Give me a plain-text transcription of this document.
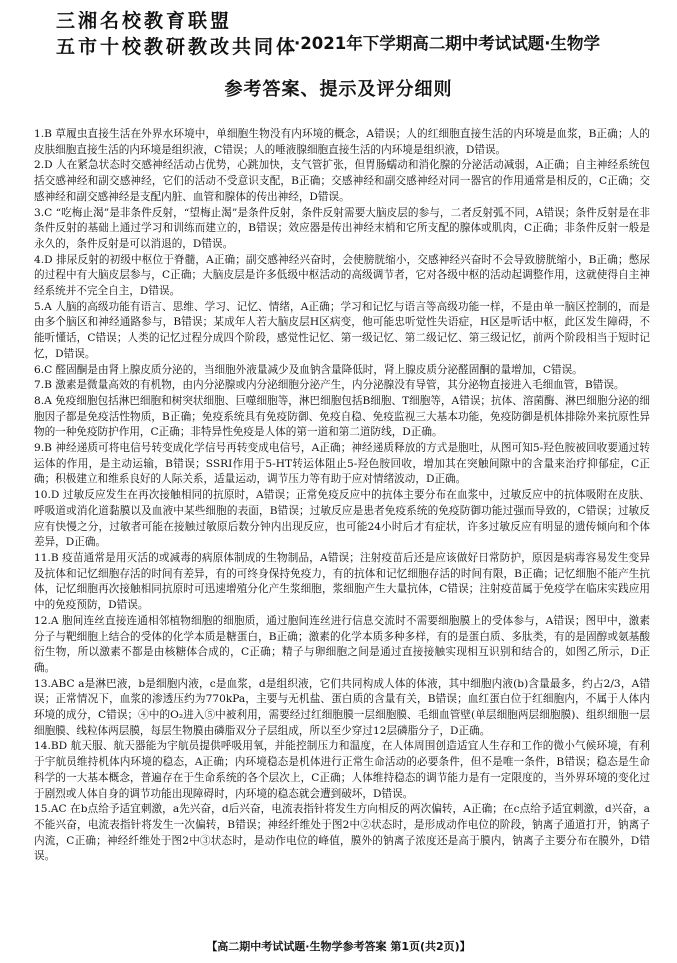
三湘名校教育联盟
五市十校教研教改共同体
·2021年下学期高二期中考试试题·生物学
参考答案、提示及评分细则

1.B 草履虫直接生活在外界水环境中，单细胞生物没有内环境的概念，A错误；人的红细胞直接生活的内环境是血浆，B正确；人的皮肤细胞直接生活的内环境是组织液，C错误；人的唾液腺细胞直接生活的内环境是组织液，D错误。

2.D 人在紧急状态时交感神经活动占优势，心跳加快，支气管扩张，但胃肠蠕动和消化腺的分泌活动减弱，A正确；自主神经系统包括交感神经和副交感神经，它们的活动不受意识支配，B正确；交感神经和副交感神经对同一器官的作用通常是相反的，C正确；交感神经和副交感神经是支配内脏、血管和腺体的传出神经，D错误。

3.C “吃梅止渴”是非条件反射，“望梅止渴”是条件反射，条件反射需要大脑皮层的参与，二者反射弧不同，A错误；条件反射是在非条件反射的基础上通过学习和训练而建立的，B错误；效应器是传出神经末梢和它所支配的腺体或肌肉，C正确；非条件反射一般是永久的，条件反射是可以消退的，D错误。

4.D 排尿反射的初级中枢位于脊髓，A正确；副交感神经兴奋时，会使膀胱缩小，交感神经兴奋时不会导致膀胱缩小，B正确；憋尿的过程中有大脑皮层参与，C正确；大脑皮层是许多低级中枢活动的高级调节者，它对各级中枢的活动起调整作用，这就使得自主神经系统并不完全自主，D错误。

5.A 人脑的高级功能有语言、思维、学习、记忆、情绪，A正确；学习和记忆与语言等高级功能一样，不是由单一脑区控制的，而是由多个脑区和神经通路参与，B错误；某成年人若大脑皮层H区病变，他可能忠听觉性失语症，H区是听话中枢，此区发生障碍，不能听懂话，C错误；人类的记忆过程分成四个阶段，感觉性记忆、第一级记忆、第二级记忆、第三级记忆，前两个阶段相当于短时记忆，D错误。

6.C 醛固酮是由肾上腺皮质分泌的，当细胞外液量减少及血钠含量降低时，肾上腺皮质分泌醛固酮的量增加，C错误。

7.B 激素是微量高效的有机物，由内分泌腺或内分泌细胞分泌产生，内分泌腺没有导管，其分泌物直接进入毛细血管，B错误。

8.A 免疫细胞包括淋巴细胞和树突状细胞、巨噬细胞等，淋巴细胞包括B细胞、T细胞等，A错误；抗体、溶菌酶、淋巴细胞分泌的细胞因子都是免疫活性物质，B正确；免疫系统具有免疫防御、免疫自稳、免疫监视三大基本功能，免疫防御是机体排除外来抗原性异物的一种免疫防护作用，C正确；非特异性免疫是人体的第一道和第二道防线，D正确。

9.B 神经递质可将电信号转变成化学信号再转变成电信号，A正确；神经递质释放的方式是胞吐，从图可知5-羟色胺被回收要通过转运体的作用，是主动运输，B错误；SSRI作用于5-HT转运体阻止5-羟色胺回收，增加其在突触间隙中的含量来治疗抑郁症，C正确；积极建立和维系良好的人际关系，适量运动，调节压力等有助于应对情绪波动，D正确。

10.D 过敏反应发生在再次接触相同的抗原时，A错误；正常免疫反应中的抗体主要分布在血浆中，过敏反应中的抗体吸附在皮肤、呼吸道或消化道黏膜以及血液中某些细胞的表面，B错误；过敏反应是患者免疫系统的免疫防御功能过强而导致的，C错误；过敏反应有快慢之分，过敏者可能在接触过敏原后数分钟内出现反应，也可能24小时后才有症状，许多过敏反应有明显的遗传倾向和个体差异，D正确。

11.B 疫苗通常是用灭活的或减毒的病原体制成的生物制品，A错误；注射疫苗后还是应该做好日常防护，原因是病毒容易发生变异及抗体和记忆细胞存活的时间有差异，有的可终身保持免疫力，有的抗体和记忆细胞存活的时间有限，B正确；记忆细胞不能产生抗体，记忆细胞再次接触相同抗原时可迅速增殖分化产生浆细胞，浆细胞产生大量抗体，C错误；注射疫苗属于免疫学在临床实践应用中的免疫预防，D错误。

12.A 胞间连丝直接连通相邻植物细胞的细胞质，通过胞间连丝进行信息交流时不需要细胞膜上的受体参与，A错误；图甲中，激素分子与靶细胞上结合的受体的化学本质是糖蛋白，B正确；激素的化学本质多种多样，有的是蛋白质、多肽类，有的是固醇或氨基酸衍生物，所以激素不都是由核糖体合成的，C正确；精子与卵细胞之间是通过直接接触实现相互识别和结合的，如图乙所示，D正确。

13.ABC a是淋巴液，b是细胞内液，c是血浆，d是组织液，它们共同构成人体的体液，其中细胞内液(b)含量最多，约占2/3，A错误；正常情况下，血浆的渗透压约为770kPa，主要与无机盐、蛋白质的含量有关，B错误；血红蛋白位于红细胞内，不属于人体内环境的成分，C错误；④中的O₂进入⑤中被利用，需要经过红细胞膜一层细胞膜、毛细血管壁(单层细胞两层细胞膜)、组织细胞一层细胞膜、线粒体两层膜，每层生物膜由磷脂双分子层组成，所以至少穿过12层磷脂分子，D正确。

14.BD 航天服、航天器能为宇航员提供呼吸用氧，并能控制压力和温度，在人体周围创造适宜人生存和工作的微小气候环境，有利于宇航员维持机体内环境的稳态，A正确；内环境稳态是机体进行正常生命活动的必要条件，但不是唯一条件，B错误；稳态是生命科学的一大基本概念，普遍存在于生命系统的各个层次上，C正确；人体维持稳态的调节能力是有一定限度的，当外界环境的变化过于剧烈或人体自身的调节功能出现障碍时，内环境的稳态就会遭到破坏，D错误。

15.AC 在b点给予适宜刺激，a先兴奋，d后兴奋，电流表指针将发生方向相反的两次偏转，A正确；在c点给予适宜刺激，d兴奋，a不能兴奋，电流表指针将发生一次偏转，B错误；神经纤维处于图2中②状态时，是形成动作电位的阶段，钠离子通道打开，钠离子内流，C正确；神经纤维处于图2中③状态时，是动作电位的峰值，膜外的钠离子浓度还是高于膜内，钠离子主要分布在膜外，D错误。

【高二期中考试试题·生物学参考答案 第1页(共2页)】
